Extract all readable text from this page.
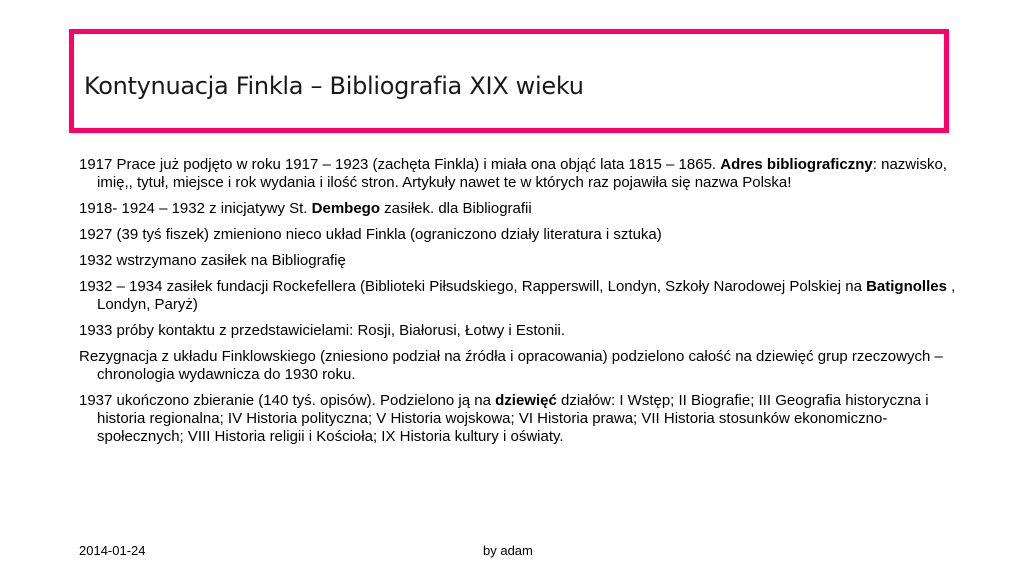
Kontynuacja Finkla – Bibliografia XIX wieku

1917 Prace już podjęto w roku 1917 – 1923 (zachęta Finkla) i miała ona objąć lata 1815 – 1865. Adres bibliograficzny: nazwisko, imię,, tytuł, miejsce i rok wydania i ilość stron. Artykuły nawet te w których raz pojawiła się nazwa Polska!

1918- 1924 – 1932 z inicjatywy St. Dembego zasiłek. dla Bibliografii

1927 (39 tyś fiszek) zmieniono nieco układ Finkla (ograniczono działy literatura i sztuka)

1932 wstrzymano zasiłek na Bibliografię

1932 – 1934 zasiłek fundacji Rockefellera (Biblioteki Piłsudskiego, Rapperswill, Londyn, Szkoły Narodowej Polskiej na Batignolles , Londyn, Paryż)

1933 próby kontaktu z przedstawicielami: Rosji, Białorusi, Łotwy i Estonii.

Rezygnacja z układu Finklowskiego (zniesiono podział na źródła i opracowania) podzielono całość na dziewięć grup rzeczowych – chronologia wydawnicza do 1930 roku.

1937 ukończono zbieranie (140 tyś. opisów). Podzielono ją na dziewięć działów: I Wstęp; II Biografie; III Geografia historyczna i historia regionalna; IV Historia polityczna; V Historia wojskowa; VI Historia prawa; VII Historia stosunków ekonomiczno-społecznych; VIII Historia religii i Kościoła; IX Historia kultury i oświaty.

2014-01-24	by adam
